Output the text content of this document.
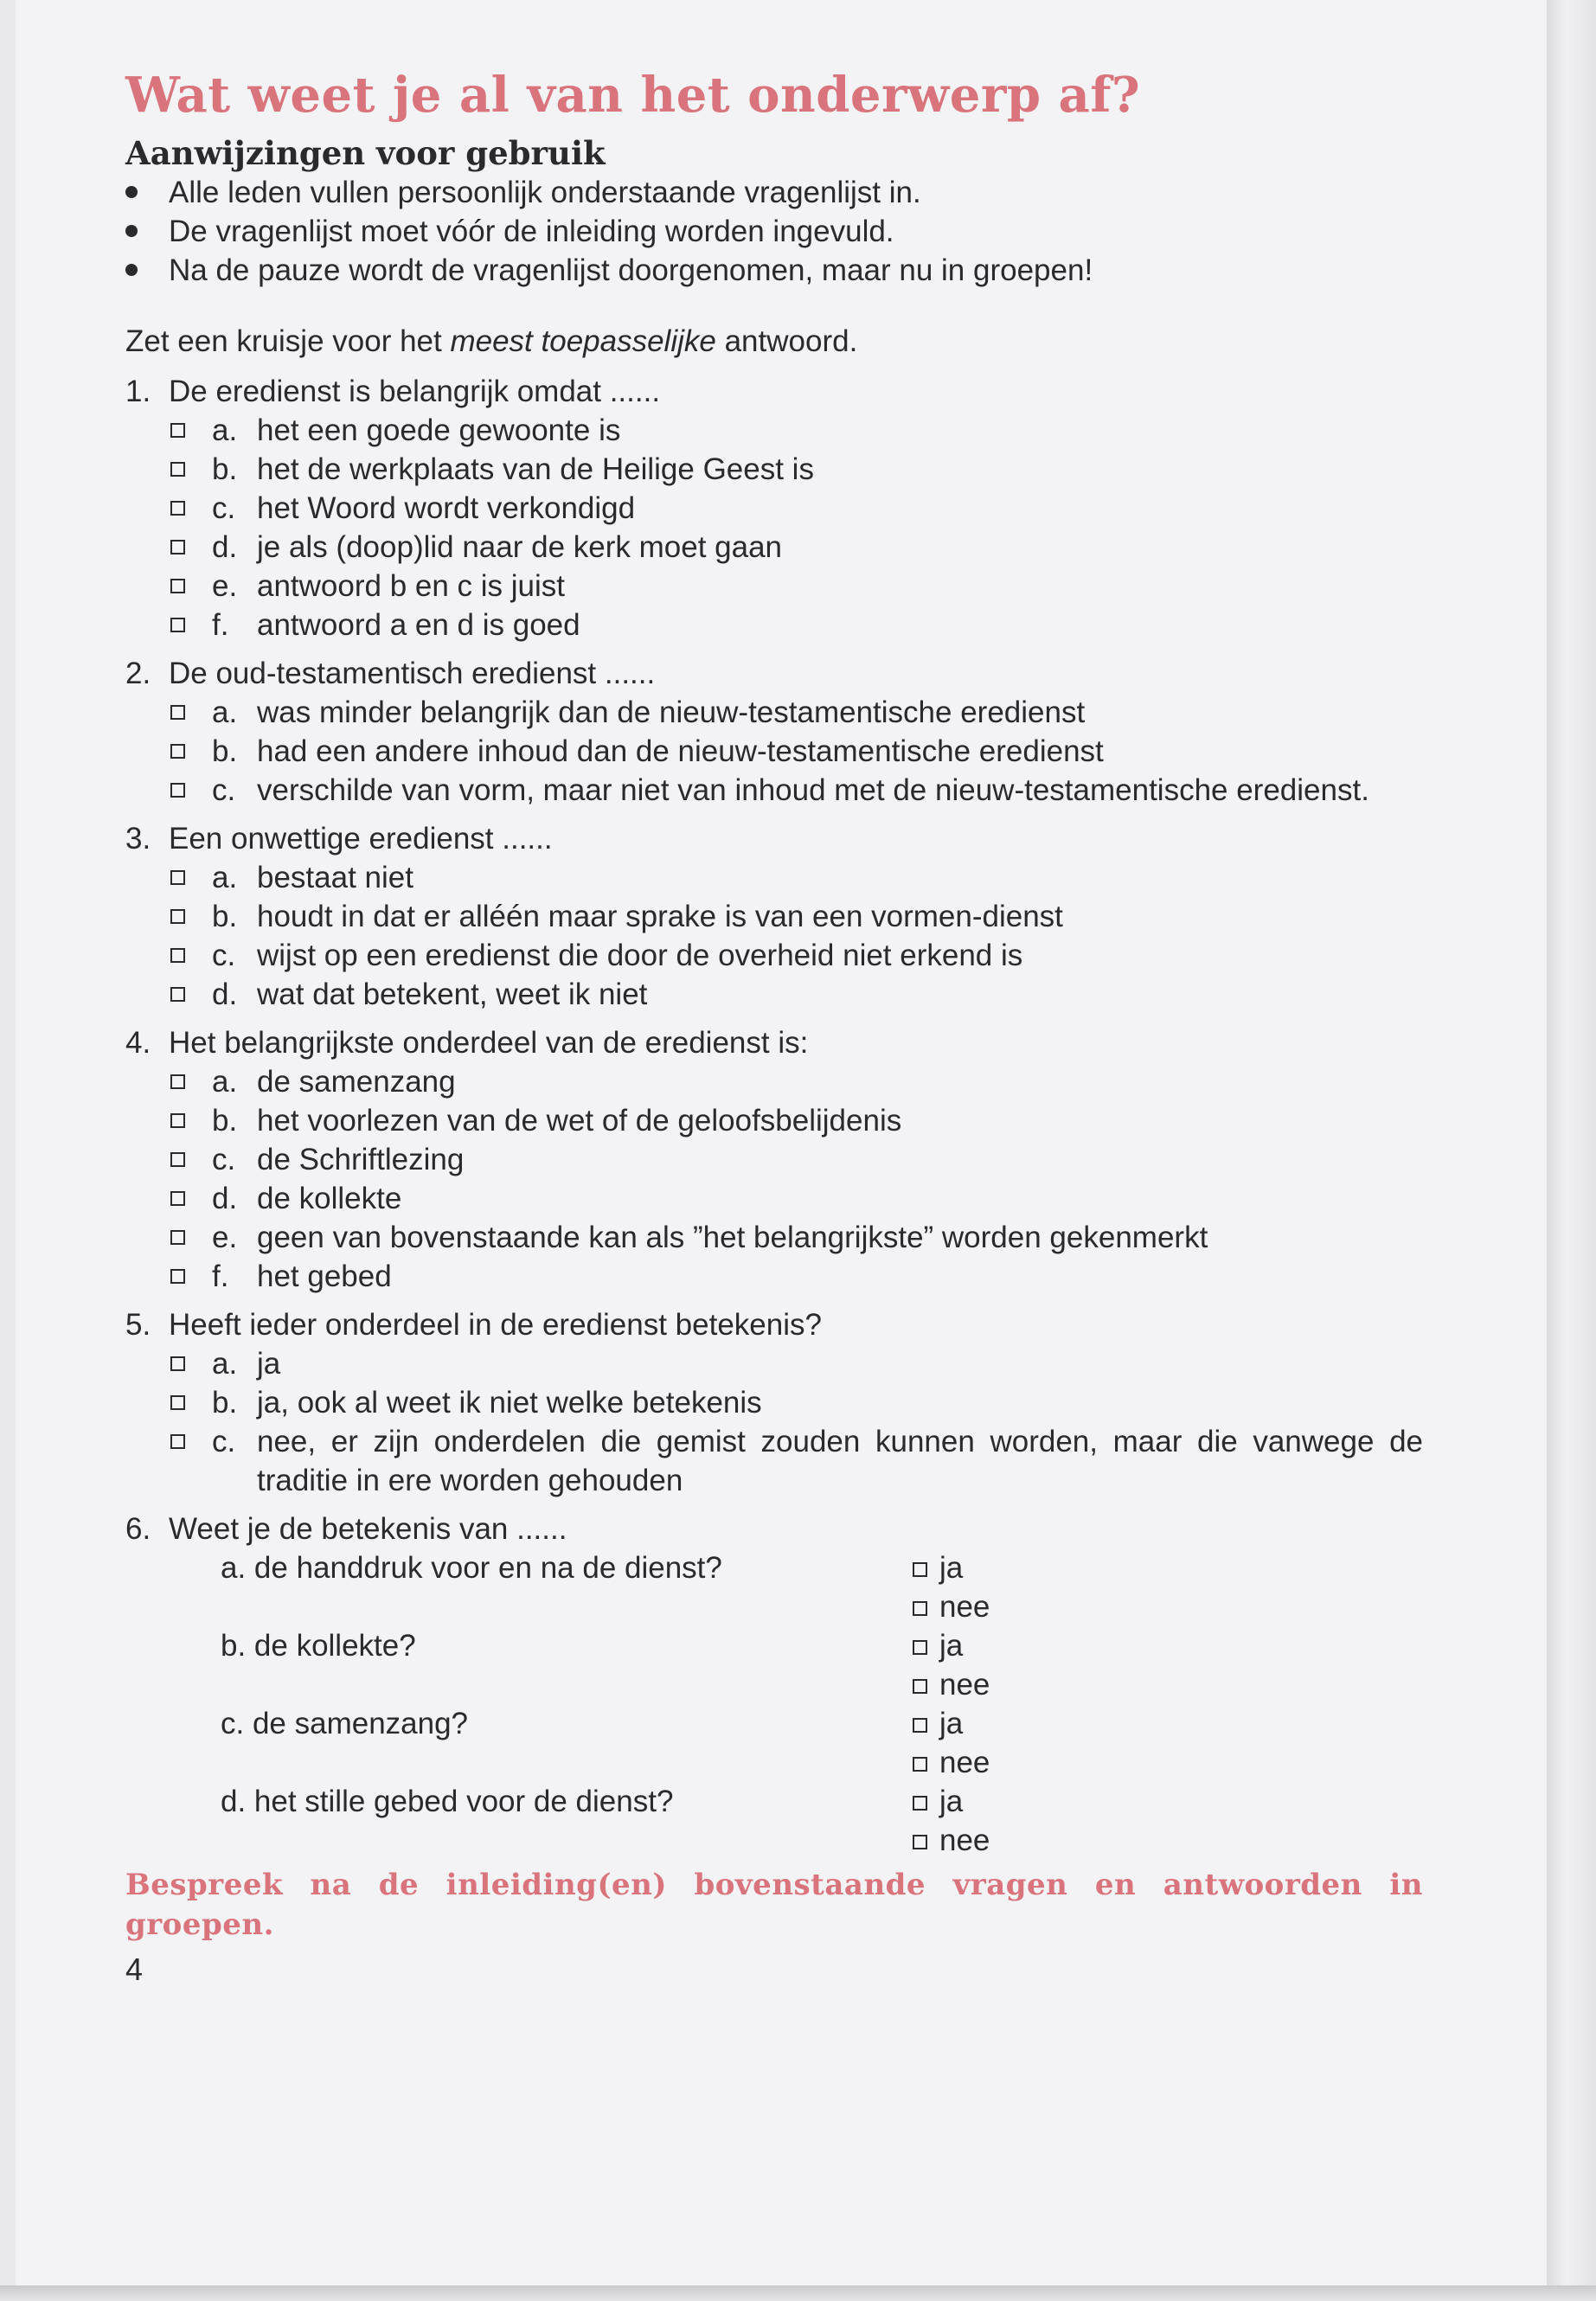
Wat weet je al van het onderwerp af?
Aanwijzingen voor gebruik
Alle leden vullen persoonlijk onderstaande vragenlijst in.
De vragenlijst moet vóór de inleiding worden ingevuld.
Na de pauze wordt de vragenlijst doorgenomen, maar nu in groepen!
Zet een kruisje voor het meest toepasselijke antwoord.
1. De eredienst is belangrijk omdat ......
a. het een goede gewoonte is
b. het de werkplaats van de Heilige Geest is
c. het Woord wordt verkondigd
d. je als (doop)lid naar de kerk moet gaan
e. antwoord b en c is juist
f. antwoord a en d is goed
2. De oud-testamentisch eredienst ......
a. was minder belangrijk dan de nieuw-testamentische eredienst
b. had een andere inhoud dan de nieuw-testamentische eredienst
c. verschilde van vorm, maar niet van inhoud met de nieuw-testamentische eredienst.
3. Een onwettige eredienst ......
a. bestaat niet
b. houdt in dat er alléén maar sprake is van een vormen-dienst
c. wijst op een eredienst die door de overheid niet erkend is
d. wat dat betekent, weet ik niet
4. Het belangrijkste onderdeel van de eredienst is:
a. de samenzang
b. het voorlezen van de wet of de geloofsbelijdenis
c. de Schriftlezing
d. de kollekte
e. geen van bovenstaande kan als ”het belangrijkste” worden gekenmerkt
f. het gebed
5. Heeft ieder onderdeel in de eredienst betekenis?
a. ja
b. ja, ook al weet ik niet welke betekenis
c. nee, er zijn onderdelen die gemist zouden kunnen worden, maar die vanwege de traditie in ere worden gehouden
6. Weet je de betekenis van ......
a. de handdruk voor en na de dienst?	ja
nee
b. de kollekte?	ja
nee
c. de samenzang?	ja
nee
d. het stille gebed voor de dienst?	ja
nee
Bespreek na de inleiding(en) bovenstaande vragen en antwoorden in groepen.
4
